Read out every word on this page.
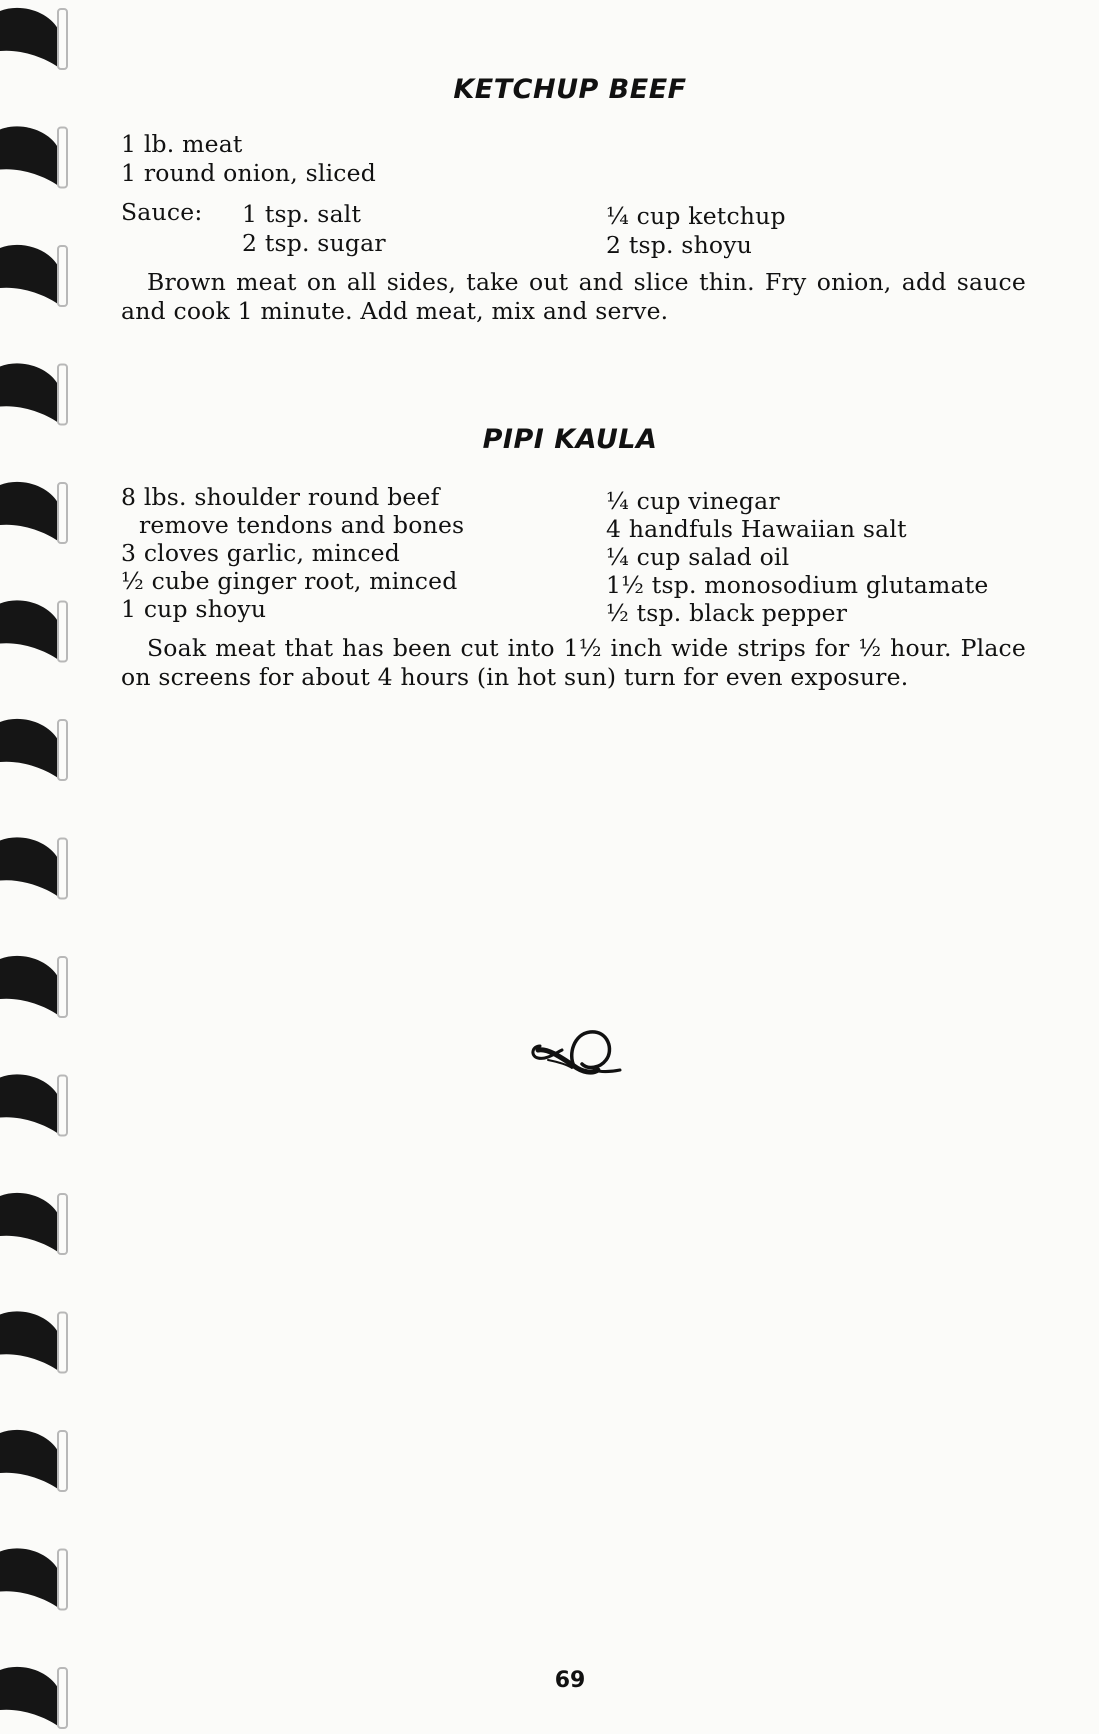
KETCHUP BEEF
1 lb. meat
1 round onion, sliced
Sauce: 1 tsp. salt
2 tsp. sugar
¼ cup ketchup
2 tsp. shoyu
Brown meat on all sides, take out and slice thin. Fry onion, add sauce and cook 1 minute. Add meat, mix and serve.
PIPI KAULA
8 lbs. shoulder round beef
remove tendons and bones
3 cloves garlic, minced
½ cube ginger root, minced
1 cup shoyu
¼ cup vinegar
4 handfuls Hawaiian salt
¼ cup salad oil
1½ tsp. monosodium glutamate
½ tsp. black pepper
Soak meat that has been cut into 1½ inch wide strips for ½ hour. Place on screens for about 4 hours (in hot sun) turn for even exposure.
69
